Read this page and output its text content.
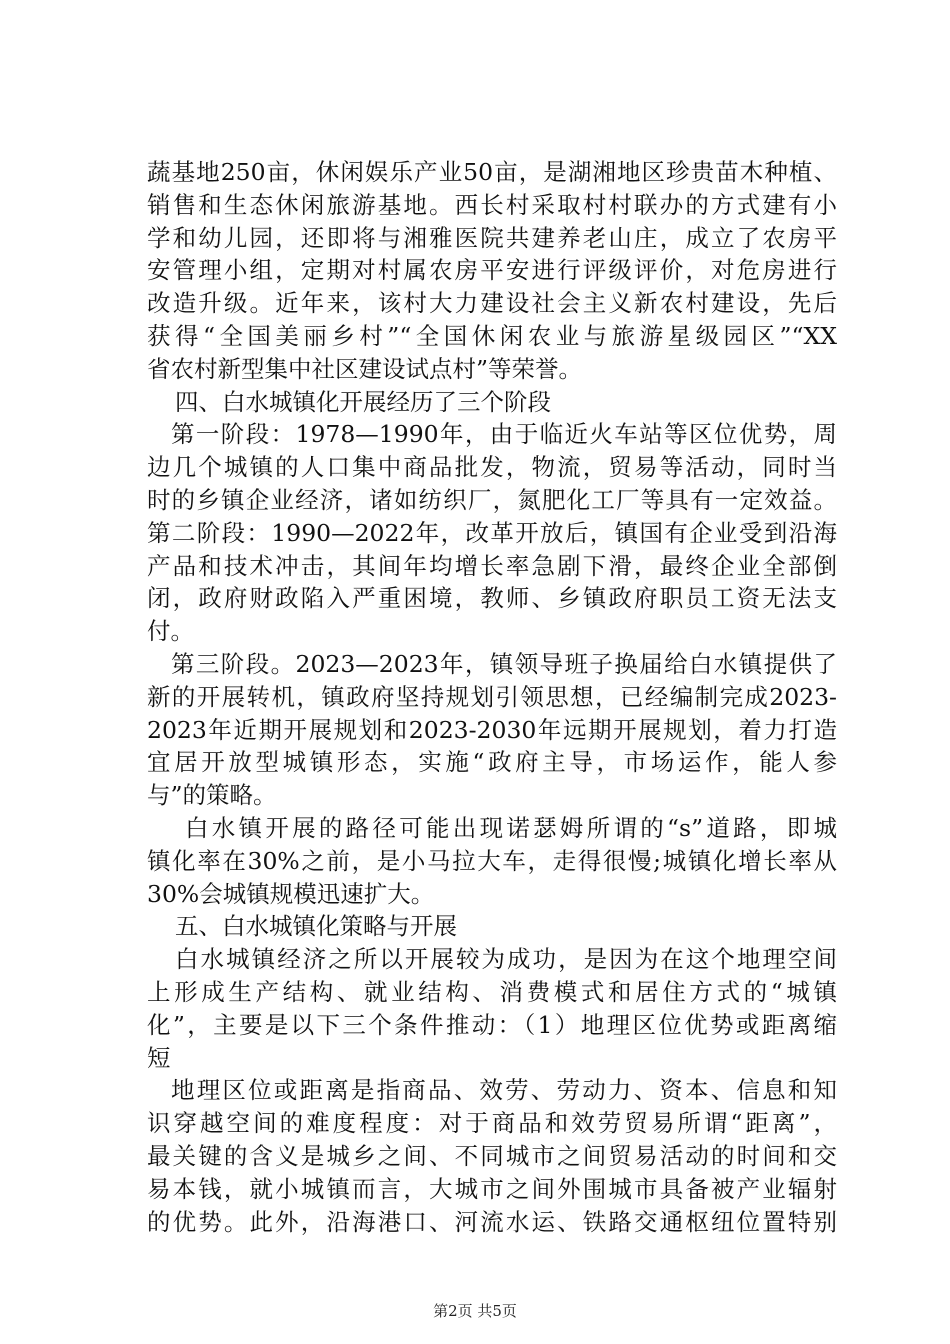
蔬基地250亩，休闲娱乐产业50亩，是湖湘地区珍贵苗木种植、
销售和生态休闲旅游基地。西长村采取村村联办的方式建有小
学和幼儿园，还即将与湘雅医院共建养老山庄，成立了农房平
安管理小组，定期对村属农房平安进行评级评价，对危房进行
改造升级。近年来，该村大力建设社会主义新农村建设，先后
获得“全国美丽乡村”“全国休闲农业与旅游星级园区”“XX
省农村新型集中社区建设试点村”等荣誉。
四、白水城镇化开展经历了三个阶段
第一阶段：1978—1990年，由于临近火车站等区位优势，周
边几个城镇的人口集中商品批发，物流，贸易等活动，同时当
时的乡镇企业经济，诸如纺织厂，氮肥化工厂等具有一定效益。
第二阶段：1990—2022年，改革开放后，镇国有企业受到沿海
产品和技术冲击，其间年均增长率急剧下滑，最终企业全部倒
闭，政府财政陷入严重困境，教师、乡镇政府职员工资无法支
付。
第三阶段。2023—2023年，镇领导班子换届给白水镇提供了
新的开展转机，镇政府坚持规划引领思想，已经编制完成2023-
2023年近期开展规划和2023-2030年远期开展规划，着力打造
宜居开放型城镇形态，实施“政府主导，市场运作，能人参
与”的策略。
白水镇开展的路径可能出现诺瑟姆所谓的“s”道路，即城
镇化率在30%之前，是小马拉大车，走得很慢;城镇化增长率从
30%会城镇规模迅速扩大。
五、白水城镇化策略与开展
白水城镇经济之所以开展较为成功，是因为在这个地理空间
上形成生产结构、就业结构、消费模式和居住方式的“城镇
化”，主要是以下三个条件推动：（1）地理区位优势或距离缩
短
地理区位或距离是指商品、效劳、劳动力、资本、信息和知
识穿越空间的难度程度：对于商品和效劳贸易所谓“距离”，
最关键的含义是城乡之间、不同城市之间贸易活动的时间和交
易本钱，就小城镇而言，大城市之间外围城市具备被产业辐射
的优势。此外，沿海港口、河流水运、铁路交通枢纽位置特别
第2页 共5页
